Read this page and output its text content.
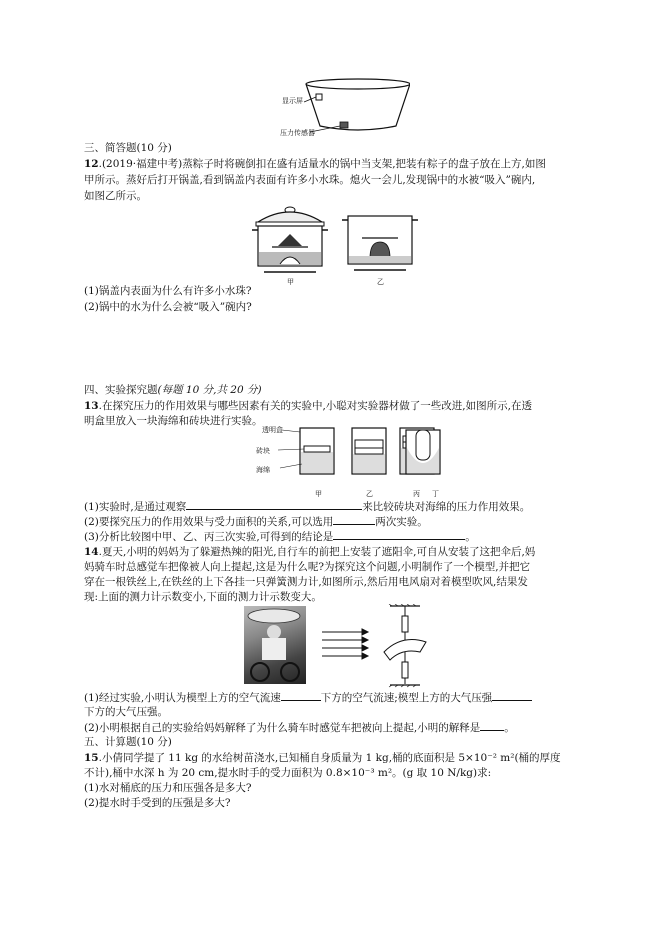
显示屏
压力传感器
三、简答题(10 分)
12.(2019·福建中考)蒸粽子时将碗倒扣在盛有适量水的锅中当支架,把装有粽子的盘子放在上方,如图
甲所示。蒸好后打开锅盖,看到锅盖内表面有许多小水珠。熄火一会儿,发现锅中的水被“吸入”碗内,
如图乙所示。
甲	乙
(1)锅盖内表面为什么有许多小水珠?
(2)锅中的水为什么会被“吸入”碗内?
四、实验探究题(每题 10 分,共 20 分)
13.在探究压力的作用效果与哪些因素有关的实验中,小聪对实验器材做了一些改进,如图所示,在透
明盒里放入一块海绵和砖块进行实验。
透明盒
砖块
海绵
甲	乙	丙 丁
(1)实验时,是通过观察	来比较砖块对海绵的压力作用效果。
(2)要探究压力的作用效果与受力面积的关系,可以选用	两次实验。
(3)分析比较图中甲、乙、丙三次实验,可得到的结论是	。
14.夏天,小明的妈妈为了躲避热辣的阳光,自行车的前把上安装了遮阳伞,可自从安装了这把伞后,妈
妈骑车时总感觉车把像被人向上提起,这是为什么呢?为探究这个问题,小明制作了一个模型,并把它
穿在一根铁丝上,在铁丝的上下各挂一只弹簧测力计,如图所示,然后用电风扇对着模型吹风,结果发
现:上面的测力计示数变小,下面的测力计示数变大。
(1)经过实验,小明认为模型上方的空气流速	下方的空气流速;模型上方的大气压强
下方的大气压强。
(2)小明根据自己的实验给妈妈解释了为什么骑车时感觉车把被向上提起,小明的解释是 。
五、计算题(10 分)
15.小倩同学提了 11 kg 的水给树苗浇水,已知桶自身质量为 1 kg,桶的底面积是 5×10⁻² m²(桶的厚度
不计),桶中水深 h 为 20 cm,提水时手的受力面积为 0.8×10⁻³ m²。(g 取 10 N/kg)求:
(1)水对桶底的压力和压强各是多大?
(2)提水时手受到的压强是多大?
